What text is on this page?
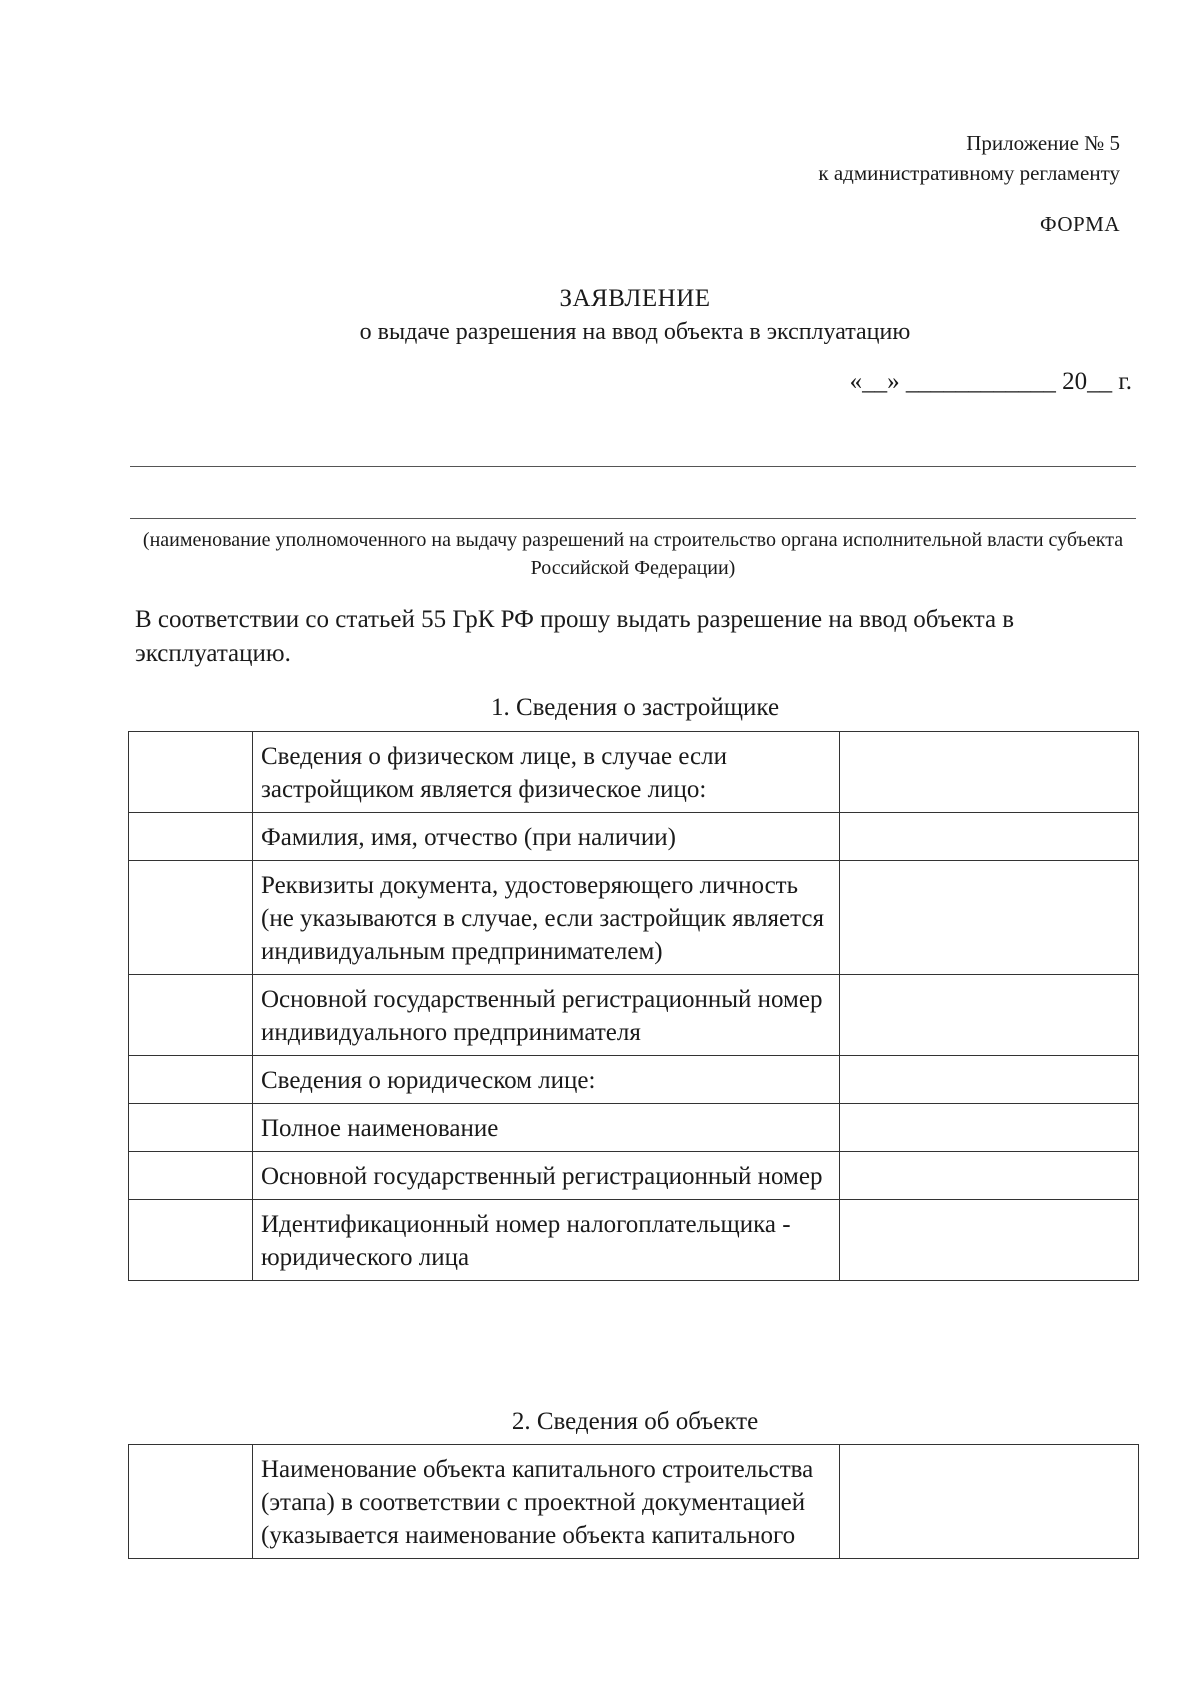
Приложение № 5
к административному регламенту
ФОРМА
ЗАЯВЛЕНИЕ
о выдаче разрешения на ввод объекта в эксплуатацию
«__» ____________ 20__ г.
(наименование уполномоченного на выдачу разрешений на строительство органа исполнительной власти субъекта Российской Федерации)
В соответствии со статьей 55 ГрК РФ прошу выдать разрешение на ввод объекта в эксплуатацию.
1. Сведения о застройщике
	Сведения о физическом лице, в случае если застройщиком является физическое лицо:	
	Фамилия, имя, отчество (при наличии)	
	Реквизиты документа, удостоверяющего личность (не указываются в случае, если застройщик является индивидуальным предпринимателем)	
	Основной государственный регистрационный номер индивидуального предпринимателя	
	Сведения о юридическом лице:	
	Полное наименование	
	Основной государственный регистрационный номер	
	Идентификационный номер налогоплательщика - юридического лица	
2. Сведения об объекте
	Наименование объекта капитального строительства (этапа) в соответствии с проектной документацией (указывается наименование объекта капитального	
